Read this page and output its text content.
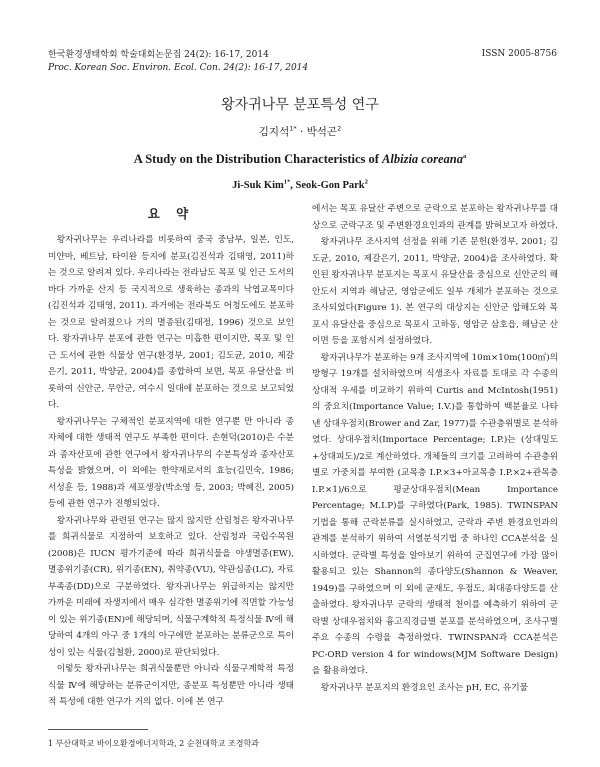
한국환경생태학회 학술대회논문집 24(2): 16-17, 2014
Proc. Korean Soc. Environ. Ecol. Con. 24(2): 16-17, 2014
ISSN 2005-8756
왕자귀나무 분포특성 연구
김지석$^{1*}$ · 박석곤$^2$
A Study on the Distribution Characteristics of Albizia coreana$^a$
Ji-Suk Kim$^{1*}$, Seok-Gon Park$^2$
요 약

왕자귀나무는 우리나라를 비롯하여 중국 중남부, 일본, 인도, 미얀마, 베트남, 타이완 등지에 분포(김진석과 김태영, 2011)하는 것으로 알려져 있다. 우리나라는 전라남도 목포 및 인근 도서의 바다 가까운 산지 등 국지적으로 생육하는 종과의 낙엽교목이다(김진석과 김태영, 2011). 과거에는 전라북도 어청도에도 분포하는 것으로 알려졌으나 거의 멸종된(김태정, 1996) 것으로 보인다. 왕자귀나무 분포에 관한 연구는 미흡한 편이지만, 목포 및 인근 도서에 관한 식물상 연구(환경부, 2001; 김도균, 2010, 제갈은기, 2011, 박양균, 2004)를 종합하여 보면, 목포 유달산을 비롯하여 신안군, 무안군, 여수시 일대에 분포하는 것으로 보고되었다.

왕자귀나무는 구체적인 분포지역에 대한 연구뿐 만 아니라 종 자체에 대한 생태적 연구도 부족한 편이다. 손현덕(2010)은 수분과 종자산포에 관한 연구에서 왕자귀나무의 수분특성과 종자산포 특성을 밝혔으며, 이 외에는 한약재로서의 효능(김민숙, 1986; 서성훈 등, 1988)과 세포생장(박소영 등, 2003; 박혜진, 2005) 등에 관한 연구가 진행되었다.

왕자귀나무와 관련된 연구는 많지 않지만 산림청은 왕자귀나무를 희귀식물로 지정하여 보호하고 있다. 산림청과 국립수목원(2008)은 IUCN 평가기준에 따라 희귀식물을 야생멸종(EW), 멸종위기종(CR), 위기종(EN), 취약종(VU), 약관심종(LC), 자료부족종(DD)으로 구분하였다. 왕자귀나무는 위급하지는 않지만 가까운 미래에 자생지에서 매우 심각한 멸종위기에 직면할 가능성이 있는 위기종(EN)에 해당되며, 식물구계학적 특정식물 Ⅳ에 해당하여 4개의 아구 중 1개의 아구에만 분포하는 분류군으로 특이성이 있는 식물(김철환, 2000)로 판단되었다.

이렇듯 왕자귀나무는 희귀식물뿐만 아니라 식물구계학적 특정식물 Ⅳ에 해당하는 분류군이지만, 종분포 특성뿐만 아니라 생태적 특성에 대한 연구가 거의 없다. 이에 본 연구

에서는 목포 유달산 주변으로 군락으로 분포하는 왕자귀나무를 대상으로 군락구조 및 주변환경요인과의 관계를 밝혀보고자 하였다.

왕자귀나무 조사지역 선정을 위해 기존 문헌(환경부, 2001; 김도균, 2010, 제갈은기, 2011, 박양균, 2004)을 조사하였다. 확인된 왕자귀나무 분포지는 목포시 유달산을 중심으로 신안군의 해안도서 지역과 해남군, 영암군에도 일부 개체가 분포하는 것으로 조사되었다(Figure 1). 본 연구의 대상지는 신안군 압해도와 목포시 유달산을 중심으로 목포시 고하동, 영암군 삼호읍, 해남군 산이면 등을 포함시켜 설정하였다.

왕자귀나무가 분포하는 9개 조사지역에 10m×10m(100㎡)의 방형구 19개를 설치하였으며 식생조사 자료를 토대로 각 수종의 상대적 우세를 비교하기 위하여 Curtis and McIntosh(1951)의 중요치(Importance Value; I.V.)를 통합하여 백분율로 나타낸 상대우점치(Brower and Zar, 1977)를 수관층위별로 분석하였다. 상대우점치(Importace Percentage; I.P.)는 (상대밀도+상대피도)/2로 계산하였다. 개체들의 크기를 고려하여 수관층위별로 가중치를 부여한 (교목층 I.P.×3+아교목층 I.P.×2+관목층 I.P.×1)/6으로 평균상대우점치(Mean Importance Percentage; M.I.P)를 구하였다(Park, 1985). TWINSPAN기법을 통해 군락분류를 실시하였고, 군락과 주변 환경요인과의 관계를 분석하기 위하여 서열분석기법 중 하나인 CCA분석을 실시하였다. 군락별 특성을 알아보기 위하여 군집연구에 가장 많이 활용되고 있는 Shannon의 종다양도(Shannon & Weaver, 1949)를 구하였으며 이 외에 균재도, 우점도, 최대종다양도를 산출하였다. 왕자귀나무 군락의 생태적 천이를 예측하기 위하여 군락별 상대우점치와 흉고직경급별 분포를 분석하였으며, 조사구별 주요 수종의 수령을 측정하였다. TWINSPAN과 CCA분석은 PC-ORD version 4 for windows(MJM Software Design)을 활용하였다.

왕자귀나무 분포지의 환경요인 조사는 pH, EC, 유기물

1 부산대학교 바이오환경에너지학과, 2 순천대학교 조경학과
